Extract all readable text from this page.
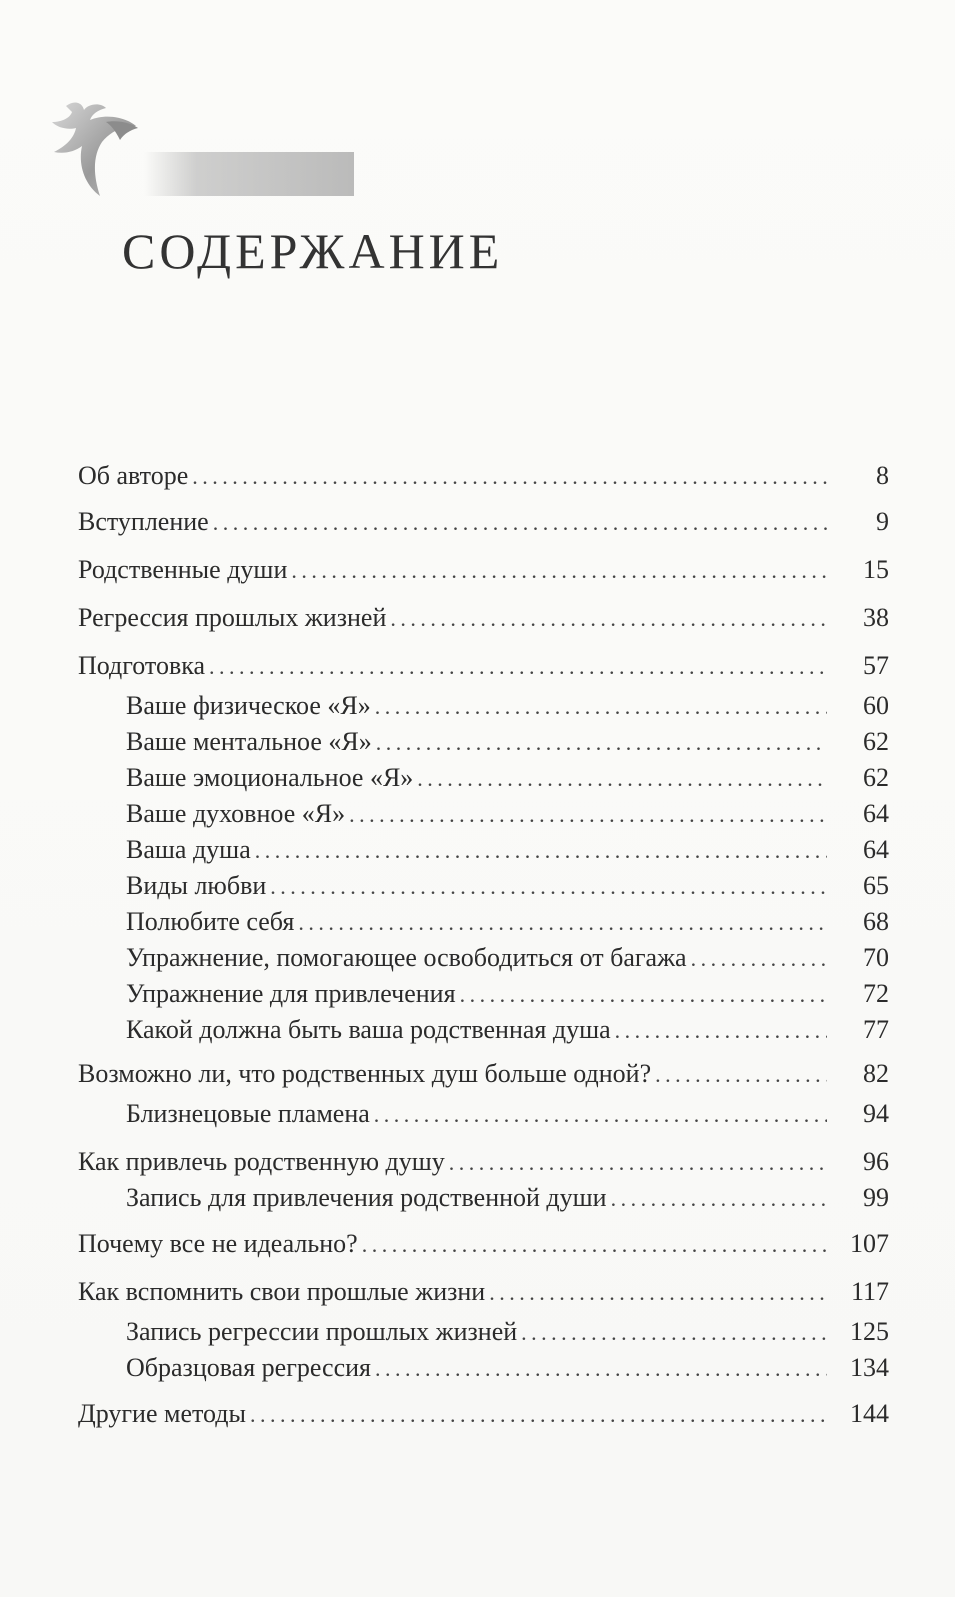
СОДЕРЖАНИЕ
Об авторе . . .	8
Вступление . . .	9
Родственные души . . .	15
Регрессия прошлых жизней . . .	38
Подготовка . . .	57
Ваше физическое «Я» . . .	60
Ваше ментальное «Я» . . .	62
Ваше эмоциональное «Я» . . .	62
Ваше духовное «Я» . . .	64
Ваша душа . . .	64
Виды любви . . .	65
Полюбите себя . . .	68
Упражнение, помогающее освободиться от багажа . . .	70
Упражнение для привлечения . . .	72
Какой должна быть ваша родственная душа . . .	77
Возможно ли, что родственных душ больше одной? . . .	82
Близнецовые пламена . . .	94
Как привлечь родственную душу . . .	96
Запись для привлечения родственной души . . .	99
Почему все не идеально? . . .	107
Как вспомнить свои прошлые жизни . . .	117
Запись регрессии прошлых жизней . . .	125
Образцовая регрессия . . .	134
Другие методы . . .	144
